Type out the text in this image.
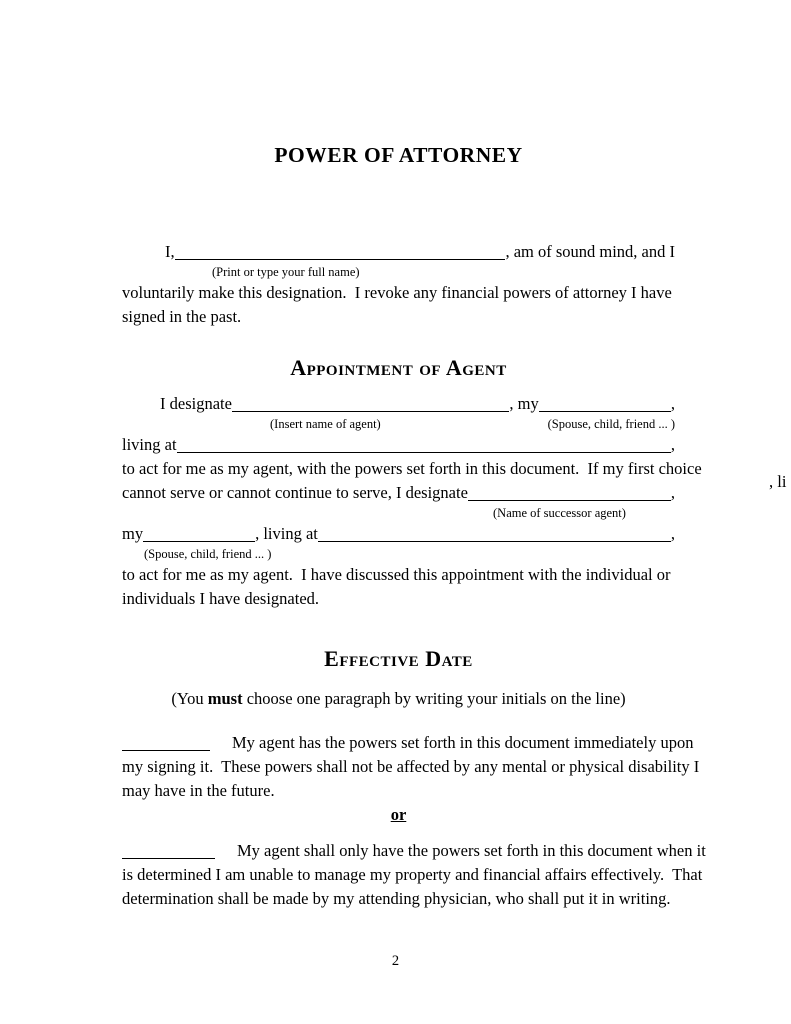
POWER OF ATTORNEY
I,	, am of sound mind, and I
(Print or type your full name)
voluntarily make this designation.  I revoke any financial powers of attorney I have
signed in the past.
Appointment of Agent
I designate	, my	,
(Insert name of agent)	(Spouse, child, friend ... )
living at	,
to act for me as my agent, with the powers set forth in this document.  If my first choice
cannot serve or cannot continue to serve, I designate	,
(Name of successor agent)
my	, living at	,
(Spouse, child, friend ... )
to act for me as my agent.  I have discussed this appointment with the individual or
individuals I have designated.
Effective Date
(You must choose one paragraph by writing your initials on the line)
My agent has the powers set forth in this document immediately upon
my signing it.  These powers shall not be affected by any mental or physical disability I
may have in the future.
or
My agent shall only have the powers set forth in this document when it
is determined I am unable to manage my property and financial affairs effectively.  That
determination shall be made by my attending physician, who shall put it in writing.
, li
2
